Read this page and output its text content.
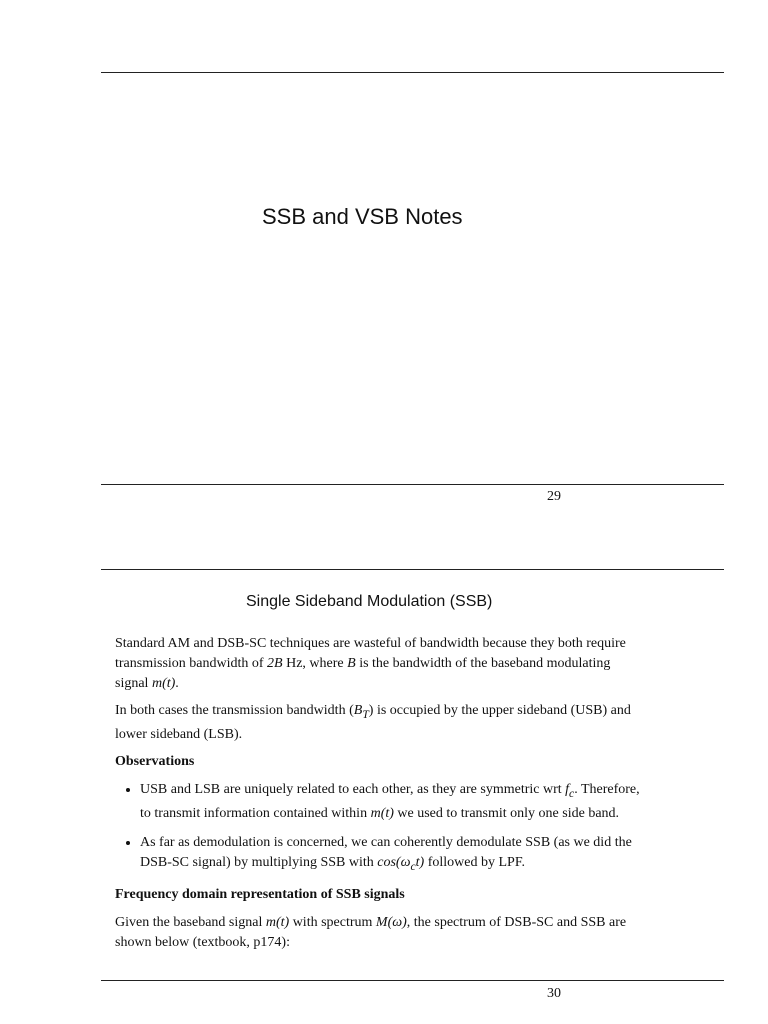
SSB and VSB Notes
29
Single Sideband Modulation (SSB)

Standard AM and DSB-SC techniques are wasteful of bandwidth because they both require transmission bandwidth of 2B Hz, where B is the bandwidth of the baseband modulating signal m(t).

In both cases the transmission bandwidth $(B_T)$ is occupied by the upper sideband (USB) and lower sideband (LSB).

Observations
• USB and LSB are uniquely related to each other, as they are symmetric wrt $f_c$. Therefore, to transmit information contained within m(t) we used to transmit only one side band.
• As far as demodulation is concerned, we can coherently demodulate SSB (as we did the DSB-SC signal) by multiplying SSB with $\cos(\omega_ct)$ followed by LPF.
Frequency domain representation of SSB signals

Given the baseband signal m(t) with spectrum M(ω), the spectrum of DSB-SC and SSB are shown below (textbook, p174):

30
